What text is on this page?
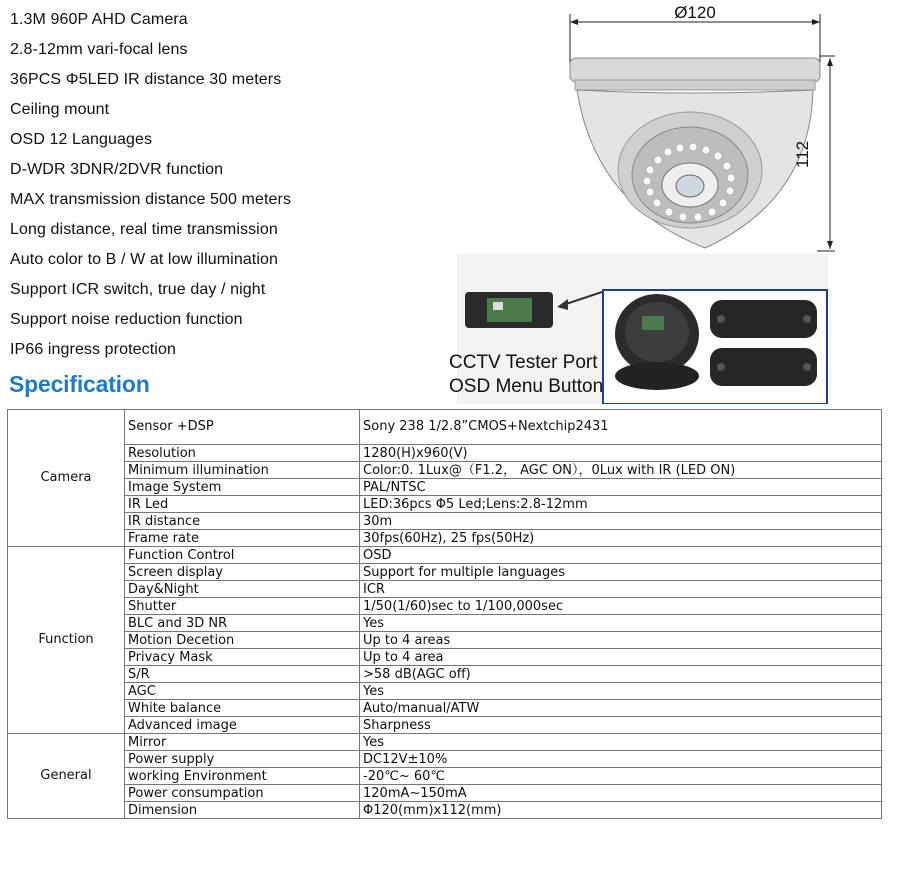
1.3M 960P AHD Camera
2.8-12mm vari-focal lens
36PCS Φ5LED IR distance 30 meters
Ceiling mount
OSD 12 Languages
D-WDR 3DNR/2DVR function
MAX transmission distance 500 meters
Long distance, real time transmission
Auto color to B / W at low illumination
Support ICR switch, true day / night
Support noise reduction function
IP66 ingress protection
Ø120
112
CCTV Tester Port
OSD Menu Button
Specification
Camera	Sensor +DSP	Sony 238 1/2.8”CMOS+Nextchip2431
	Resolution	1280(H)x960(V)
	Minimum illumination	Color:0. 1Lux@（F1.2， AGC ON），0Lux with IR (LED ON)
	Image System	PAL/NTSC
	IR Led	LED:36pcs Φ5 Led;Lens:2.8-12mm
	IR distance	30m
	Frame rate	30fps(60Hz), 25 fps(50Hz)
Function	Function Control	OSD
	Screen display	Support for multiple languages
	Day&Night	ICR
	Shutter	1/50(1/60)sec to 1/100,000sec
	BLC and 3D NR	Yes
	Motion Decetion	Up to 4 areas
	Privacy Mask	Up to 4 area
	S/R	>58 dB(AGC off)
	AGC	Yes
	White balance	Auto/manual/ATW
	Advanced image	Sharpness
General	Mirror	Yes
	Power supply	DC12V±10%
	working Environment	-20℃~ 60℃
	Power consumpation	120mA~150mA
	Dimension	Φ120(mm)x112(mm)
